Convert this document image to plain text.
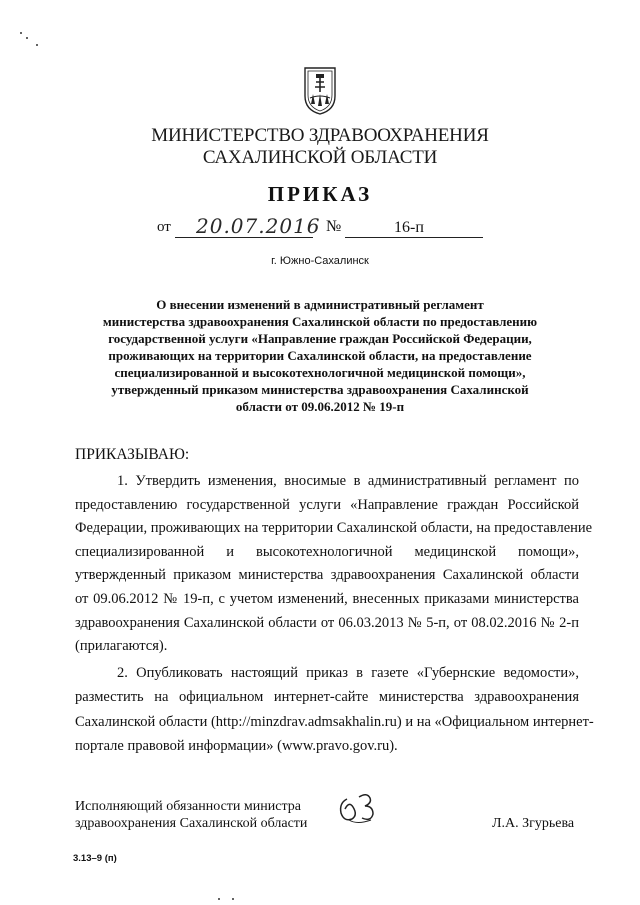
МИНИСТЕРСТВО ЗДРАВООХРАНЕНИЯ
САХАЛИНСКОЙ ОБЛАСТИ
ПРИКАЗ
от 20.07.2016 №	16-п
г. Южно-Сахалинск
О внесении изменений в административный регламент
министерства здравоохранения Сахалинской области по предоставлению
государственной услуги «Направление граждан Российской Федерации,
проживающих на территории Сахалинской области, на предоставление
специализированной и высокотехнологичной медицинской помощи»,
утвержденный приказом министерства здравоохранения Сахалинской
области от 09.06.2012 № 19-п
ПРИКАЗЫВАЮ:
1. Утвердить изменения, вносимые в административный регламент по
предоставлению государственной услуги «Направление граждан Российской
Федерации, проживающих на территории Сахалинской области, на предоставление
специализированной и высокотехнологичной медицинской помощи»,
утвержденный приказом министерства здравоохранения Сахалинской области
от 09.06.2012 № 19-п, с учетом изменений, внесенных приказами министерства
здравоохранения Сахалинской области от 06.03.2013 № 5-п, от 08.02.2016 № 2-п
(прилагаются).
2. Опубликовать настоящий приказ в газете «Губернские ведомости»,
разместить на официальном интернет-сайте министерства здравоохранения
Сахалинской области (http://minzdrav.admsakhalin.ru) и на «Официальном интернет-
портале правовой информации» (www.pravo.gov.ru).
Исполняющий обязанности министра
здравоохранения Сахалинской области	Л.А. Згурьева
3.13–9 (п)
